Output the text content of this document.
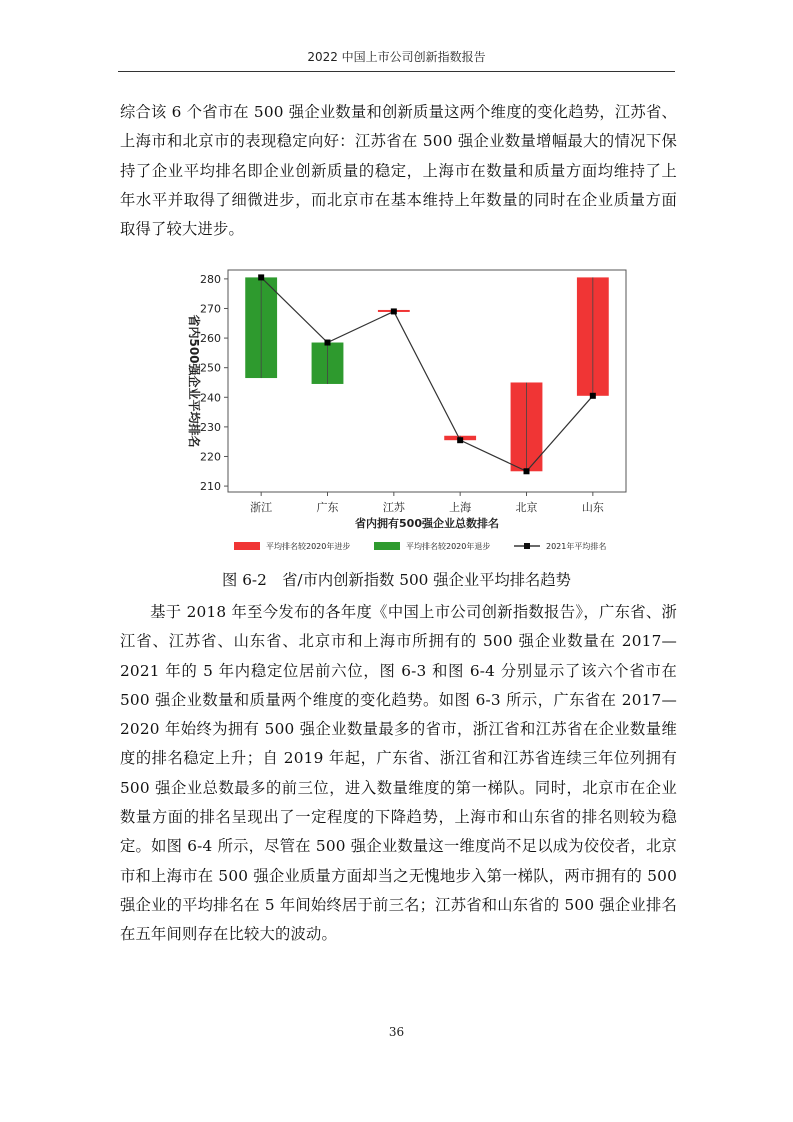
2022 中国上市公司创新指数报告

综合该 6 个省市在 500 强企业数量和创新质量这两个维度的变化趋势，江苏省、上海市和北京市的表现稳定向好：江苏省在 500 强企业数量增幅最大的情况下保持了企业平均排名即企业创新质量的稳定，上海市在数量和质量方面均维持了上年水平并取得了细微进步，而北京市在基本维持上年数量的同时在企业质量方面取得了较大进步。

210
220
230
240
250
260
270
280
浙江	广东	江苏	上海	北京	山东
省内500强企业平均排名
省内拥有500强企业总数排名
平均排名较2020年进步	平均排名较2020年退步	2021年平均排名
图 6-2　省/市内创新指数 500 强企业平均排名趋势

基于 2018 年至今发布的各年度《中国上市公司创新指数报告》，广东省、浙江省、江苏省、山东省、北京市和上海市所拥有的 500 强企业数量在 2017—2021 年的 5 年内稳定位居前六位，图 6-3 和图 6-4 分别显示了该六个省市在 500 强企业数量和质量两个维度的变化趋势。如图 6-3 所示，广东省在 2017—2020 年始终为拥有 500 强企业数量最多的省市，浙江省和江苏省在企业数量维度的排名稳定上升；自 2019 年起，广东省、浙江省和江苏省连续三年位列拥有 500 强企业总数最多的前三位，进入数量维度的第一梯队。同时，北京市在企业数量方面的排名呈现出了一定程度的下降趋势，上海市和山东省的排名则较为稳定。如图 6-4 所示，尽管在 500 强企业数量这一维度尚不足以成为佼佼者，北京市和上海市在 500 强企业质量方面却当之无愧地步入第一梯队，两市拥有的 500 强企业的平均排名在 5 年间始终居于前三名；江苏省和山东省的 500 强企业排名在五年间则存在比较大的波动。

36
